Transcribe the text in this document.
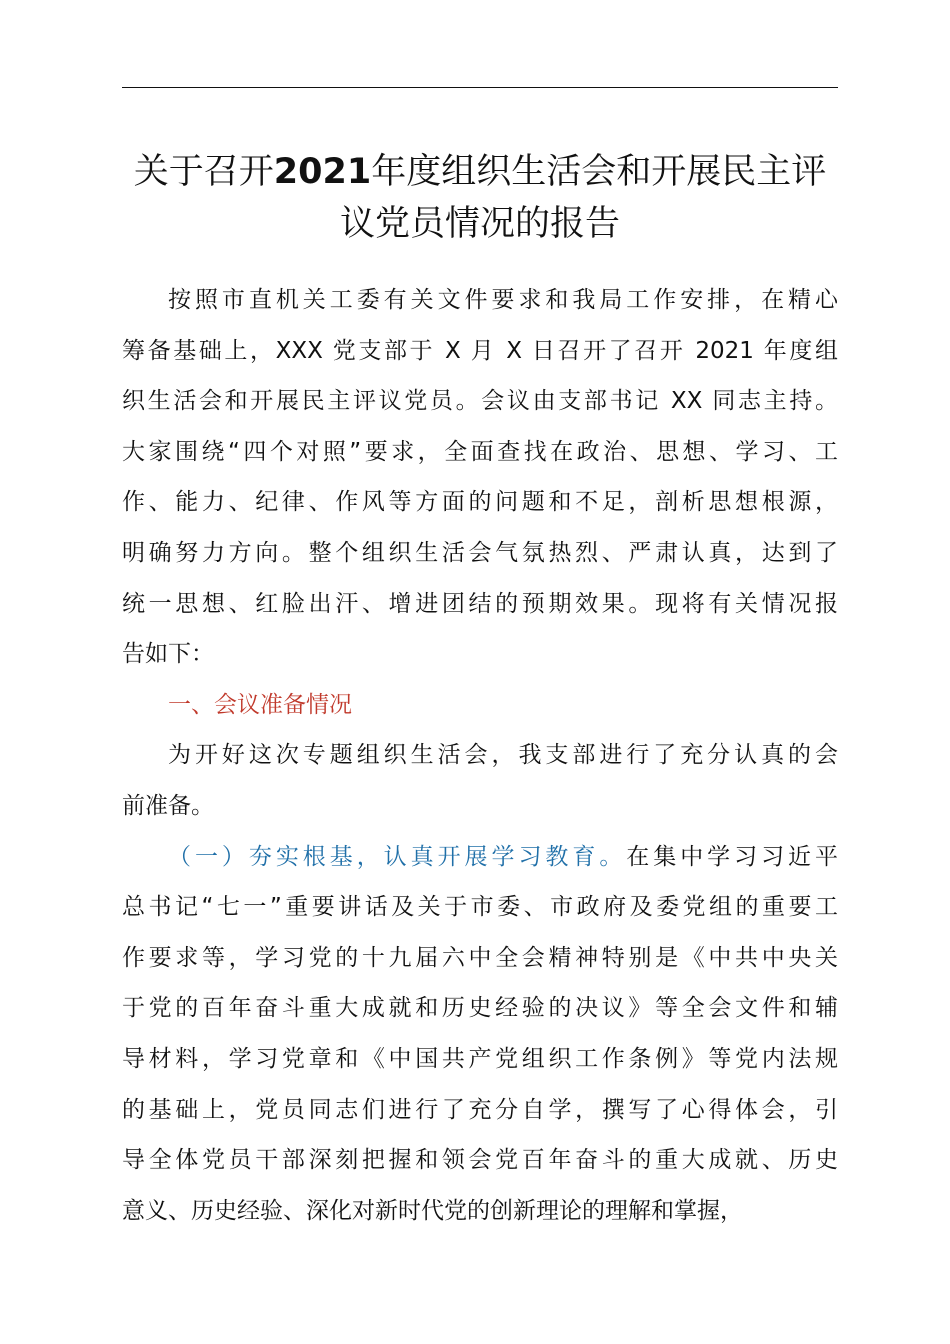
关于召开2021年度组织生活会和开展民主评
议党员情况的报告

按照市直机关工委有关文件要求和我局工作安排，在精心
筹备基础上，XXX 党支部于 X 月 X 日召开了召开 2021 年度组
织生活会和开展民主评议党员。会议由支部书记 XX 同志主持。
大家围绕“四个对照”要求，全面查找在政治、思想、学习、工
作、能力、纪律、作风等方面的问题和不足，剖析思想根源，
明确努力方向。整个组织生活会气氛热烈、严肃认真，达到了
统一思想、红脸出汗、增进团结的预期效果。现将有关情况报
告如下：

一、会议准备情况

为开好这次专题组织生活会，我支部进行了充分认真的会
前准备。

（一）夯实根基，认真开展学习教育。在集中学习习近平
总书记“七一”重要讲话及关于市委、市政府及委党组的重要工
作要求等，学习党的十九届六中全会精神特别是《中共中央关
于党的百年奋斗重大成就和历史经验的决议》等全会文件和辅
导材料，学习党章和《中国共产党组织工作条例》等党内法规
的基础上，党员同志们进行了充分自学，撰写了心得体会，引
导全体党员干部深刻把握和领会党百年奋斗的重大成就、历史
意义、历史经验、深化对新时代党的创新理论的理解和掌握，
